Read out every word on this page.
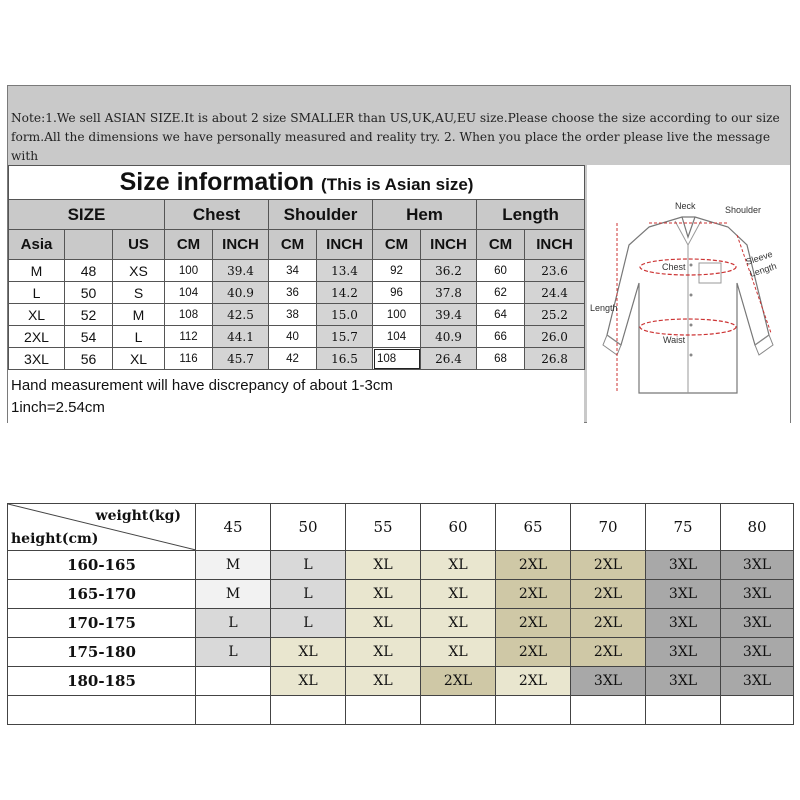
Note:1.We sell ASIAN SIZE.It is about 2 size SMALLER than US,UK,AU,EU size.Please choose the size according to our size form.All the dimensions we have personally measured and reality try. 2. When you place the order please live the message with
Size information (This is Asian size)										
SIZE			Chest		Shoulder		Hem		Length	
Asia		US	CM	INCH	CM	INCH	CM	INCH	CM	INCH
M	48	XS	100	39.4	34	13.4	92	36.2	60	23.6
L	50	S	104	40.9	36	14.2	96	37.8	62	24.4
XL	52	M	108	42.5	38	15.0	100	39.4	64	25.2
2XL	54	L	112	44.1	40	15.7	104	40.9	66	26.0
3XL	56	XL	116	45.7	42	16.5	108	26.4	68	26.8
Hand measurement will have discrepancy of about 1-3cm
1inch=2.54cm
Neck	Shoulder
Sleeve
Length
Chest
Length
Waist
weight(kg)
height(cm)	45	50	55	60	65	70	75	80
160-165	M	L	XL	XL	2XL	2XL	3XL	3XL
165-170	M	L	XL	XL	2XL	2XL	3XL	3XL
170-175	L	L	XL	XL	2XL	2XL	3XL	3XL
175-180	L	XL	XL	XL	2XL	2XL	3XL	3XL
180-185		XL	XL	2XL	2XL	3XL	3XL	3XL
